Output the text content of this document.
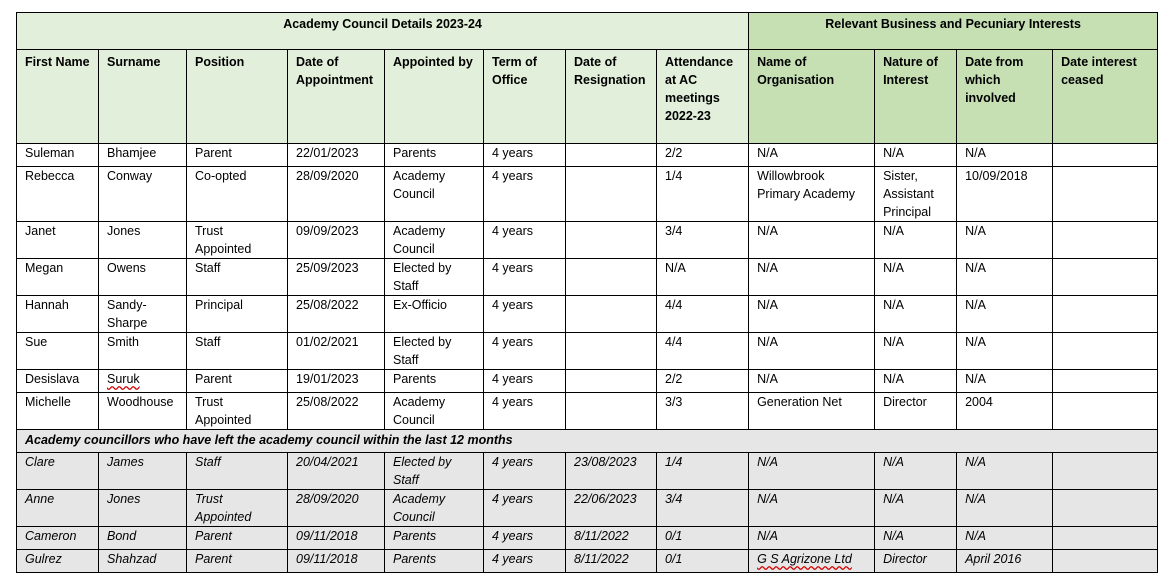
Academy Council Details 2023-24								Relevant Business and Pecuniary Interests			
First Name	Surname	Position	Date of Appointment	Appointed by	Term of Office	Date of Resignation	Attendance at AC meetings 2022-23	Name of Organisation	Nature of Interest	Date from which involved	Date interest ceased
Suleman	Bhamjee	Parent	22/01/2023	Parents	4 years		2/2	N/A	N/A	N/A	
Rebecca	Conway	Co-opted	28/09/2020	Academy Council	4 years		1/4	Willowbrook Primary Academy	Sister, Assistant Principal	10/09/2018	
Janet	Jones	Trust Appointed	09/09/2023	Academy Council	4 years		3/4	N/A	N/A	N/A	
Megan	Owens	Staff	25/09/2023	Elected by Staff	4 years		N/A	N/A	N/A	N/A	
Hannah	Sandy-Sharpe	Principal	25/08/2022	Ex-Officio	4 years		4/4	N/A	N/A	N/A	
Sue	Smith	Staff	01/02/2021	Elected by Staff	4 years		4/4	N/A	N/A	N/A	
Desislava	Suruk	Parent	19/01/2023	Parents	4 years		2/2	N/A	N/A	N/A	
Michelle	Woodhouse	Trust Appointed	25/08/2022	Academy Council	4 years		3/3	Generation Net	Director	2004	
Academy councillors who have left the academy council within the last 12 months											
Clare	James	Staff	20/04/2021	Elected by Staff	4 years	23/08/2023	1/4	N/A	N/A	N/A	
Anne	Jones	Trust Appointed	28/09/2020	Academy Council	4 years	22/06/2023	3/4	N/A	N/A	N/A	
Cameron	Bond	Parent	09/11/2018	Parents	4 years	8/11/2022	0/1	N/A	N/A	N/A	
Gulrez	Shahzad	Parent	09/11/2018	Parents	4 years	8/11/2022	0/1	G S Agrizone Ltd	Director	April 2016	
